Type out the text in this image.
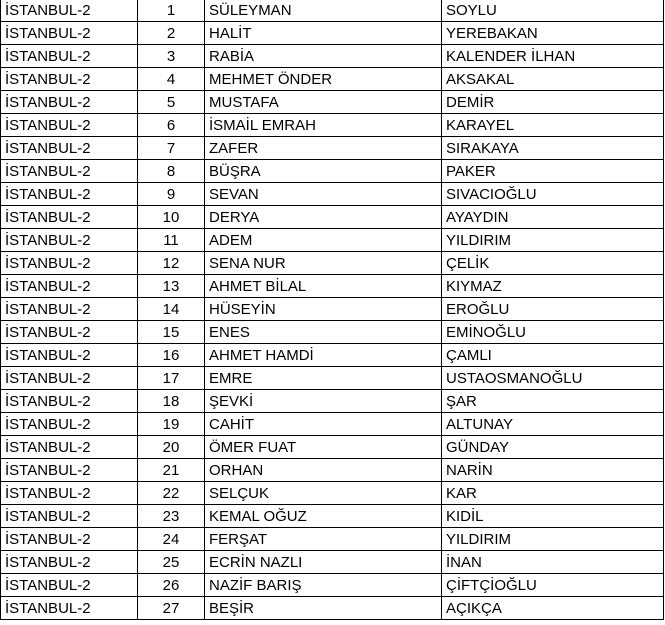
İSTANBUL-2	1	SÜLEYMAN	SOYLU
İSTANBUL-2	2	HALİT	YEREBAKAN
İSTANBUL-2	3	RABİA	KALENDER İLHAN
İSTANBUL-2	4	MEHMET ÖNDER	AKSAKAL
İSTANBUL-2	5	MUSTAFA	DEMİR
İSTANBUL-2	6	İSMAİL EMRAH	KARAYEL
İSTANBUL-2	7	ZAFER	SIRAKAYA
İSTANBUL-2	8	BÜŞRA	PAKER
İSTANBUL-2	9	SEVAN	SIVACIOĞLU
İSTANBUL-2	10	DERYA	AYAYDIN
İSTANBUL-2	11	ADEM	YILDIRIM
İSTANBUL-2	12	SENA NUR	ÇELİK
İSTANBUL-2	13	AHMET BİLAL	KIYMAZ
İSTANBUL-2	14	HÜSEYİN	EROĞLU
İSTANBUL-2	15	ENES	EMİNOĞLU
İSTANBUL-2	16	AHMET HAMDİ	ÇAMLI
İSTANBUL-2	17	EMRE	USTAOSMANOĞLU
İSTANBUL-2	18	ŞEVKİ	ŞAR
İSTANBUL-2	19	CAHİT	ALTUNAY
İSTANBUL-2	20	ÖMER FUAT	GÜNDAY
İSTANBUL-2	21	ORHAN	NARİN
İSTANBUL-2	22	SELÇUK	KAR
İSTANBUL-2	23	KEMAL OĞUZ	KIDİL
İSTANBUL-2	24	FERŞAT	YILDIRIM
İSTANBUL-2	25	ECRİN NAZLI	İNAN
İSTANBUL-2	26	NAZİF BARIŞ	ÇİFTÇİOĞLU
İSTANBUL-2	27	BEŞİR	AÇIKÇA
